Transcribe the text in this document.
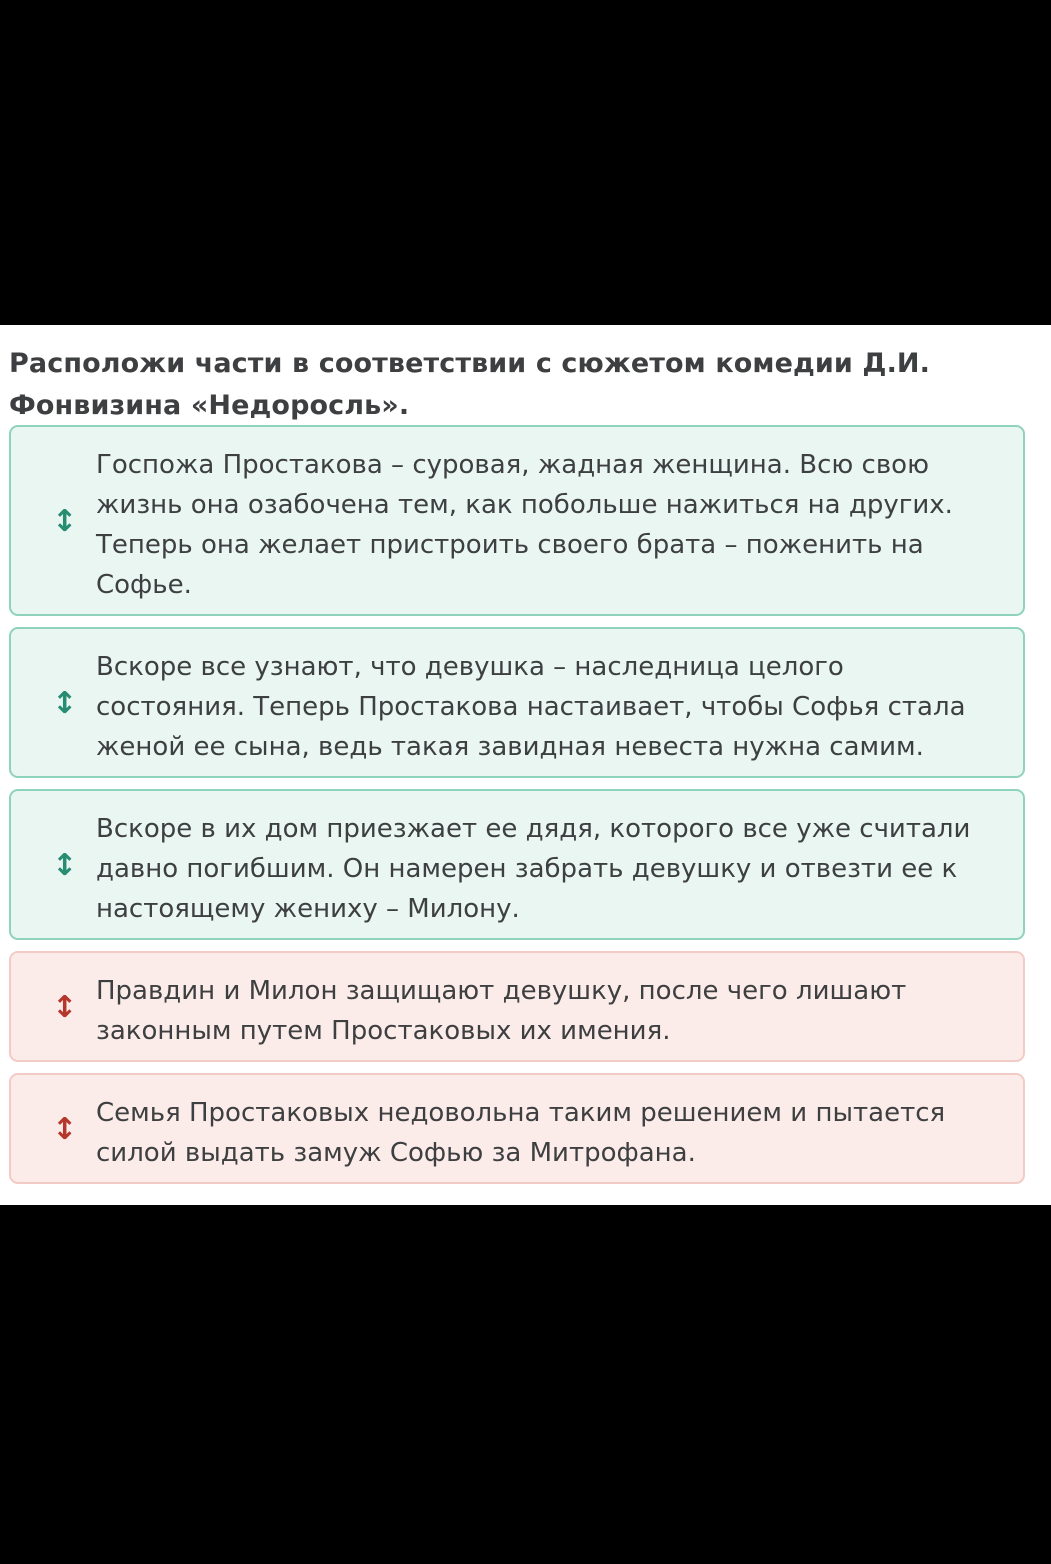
Расположи части в соответствии с сюжетом комедии Д.И. Фонвизина «Недоросль».
↕
Госпожа Простакова – суровая, жадная женщина. Всю свою жизнь она озабочена тем, как побольше нажиться на других. Теперь она желает пристроить своего брата – поженить на Софье.
↕
Вскоре все узнают, что девушка – наследница целого состояния. Теперь Простакова настаивает, чтобы Софья стала женой ее сына, ведь такая завидная невеста нужна самим.
↕
Вскоре в их дом приезжает ее дядя, которого все уже считали давно погибшим. Он намерен забрать девушку и отвезти ее к настоящему жениху – Милону.
↕ Правдин и Милон защищают девушку, после чего лишают законным путем Простаковых их имения.
↕ Семья Простаковых недовольна таким решением и пытается силой выдать замуж Софью за Митрофана.
